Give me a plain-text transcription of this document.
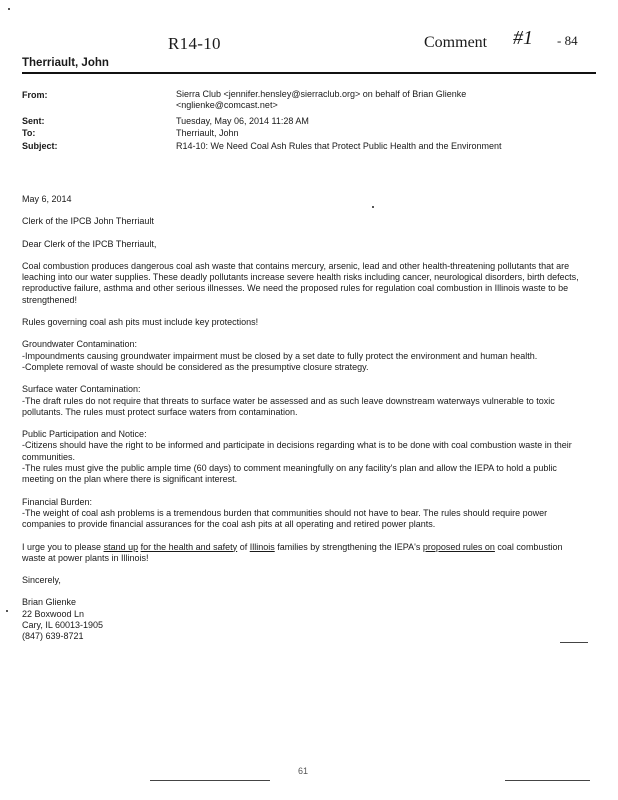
R14-10	Comment #1 - 84
Therriault, John
From:	Sierra Club <jennifer.hensley@sierraclub.org> on behalf of Brian Glienke
<nglienke@comcast.net>
Sent:	Tuesday, May 06, 2014 11:28 AM
To:	Therriault, John
Subject:	R14-10: We Need Coal Ash Rules that Protect Public Health and the Environment

May 6, 2014

Clerk of the IPCB John Therriault

Dear Clerk of the IPCB Therriault,

Coal combustion produces dangerous coal ash waste that contains mercury, arsenic, lead and other health-threatening pollutants that are leaching into our water supplies. These deadly pollutants increase severe health risks including cancer, neurological disorders, birth defects, reproductive failure, asthma and other serious illnesses. We need the proposed rules for regulation coal combustion in Illinois waste to be strengthened!

Rules governing coal ash pits must include key protections!

Groundwater Contamination:

-Impoundments causing groundwater impairment must be closed by a set date to fully protect the environment and human health.

-Complete removal of waste should be considered as the presumptive closure strategy.

Surface water Contamination:

-The draft rules do not require that threats to surface water be assessed and as such leave downstream waterways vulnerable to toxic pollutants. The rules must protect surface waters from contamination.

Public Participation and Notice:

-Citizens should have the right to be informed and participate in decisions regarding what is to be done with coal combustion waste in their communities.

-The rules must give the public ample time (60 days) to comment meaningfully on any facility's plan and allow the IEPA to hold a public meeting on the plan where there is significant interest.

Financial Burden:

-The weight of coal ash problems is a tremendous burden that communities should not have to bear. The rules should require power companies to provide financial assurances for the coal ash pits at all operating and retired power plants.

I urge you to please stand up for the health and safety of Illinois families by strengthening the IEPA's proposed rules on coal combustion waste at power plants in Illinois!

Sincerely,

Brian Glienke

22 Boxwood Ln

Cary, IL 60013-1905

(847) 639-8721

61
